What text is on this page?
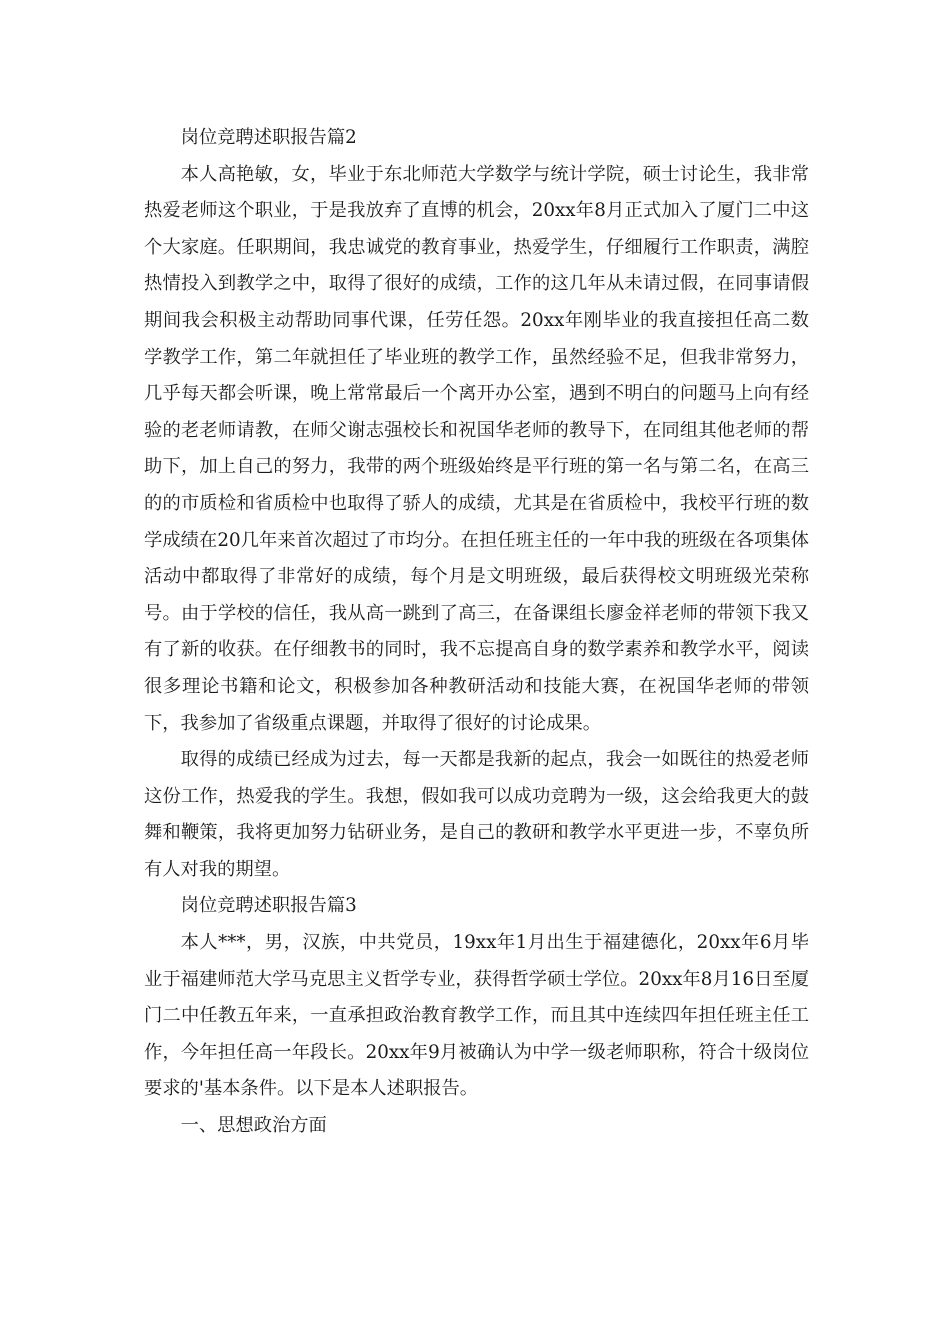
岗位竞聘述职报告篇2

本人高艳敏，女，毕业于东北师范大学数学与统计学院，硕士讨论生，我非常热爱老师这个职业，于是我放弃了直博的机会，20xx年8月正式加入了厦门二中这个大家庭。任职期间，我忠诚党的教育事业，热爱学生，仔细履行工作职责，满腔热情投入到教学之中，取得了很好的成绩，工作的这几年从未请过假，在同事请假期间我会积极主动帮助同事代课，任劳任怨。20xx年刚毕业的我直接担任高二数学教学工作，第二年就担任了毕业班的教学工作，虽然经验不足，但我非常努力，几乎每天都会听课，晚上常常最后一个离开办公室，遇到不明白的问题马上向有经验的老老师请教，在师父谢志强校长和祝国华老师的教导下，在同组其他老师的帮助下，加上自己的努力，我带的两个班级始终是平行班的第一名与第二名，在高三的的市质检和省质检中也取得了骄人的成绩，尤其是在省质检中，我校平行班的数学成绩在20几年来首次超过了市均分。在担任班主任的一年中我的班级在各项集体活动中都取得了非常好的成绩，每个月是文明班级，最后获得校文明班级光荣称号。由于学校的信任，我从高一跳到了高三，在备课组长廖金祥老师的带领下我又有了新的收获。在仔细教书的同时，我不忘提高自身的数学素养和教学水平，阅读很多理论书籍和论文，积极参加各种教研活动和技能大赛，在祝国华老师的带领下，我参加了省级重点课题，并取得了很好的讨论成果。

取得的成绩已经成为过去，每一天都是我新的起点，我会一如既往的热爱老师这份工作，热爱我的学生。我想，假如我可以成功竞聘为一级，这会给我更大的鼓舞和鞭策，我将更加努力钻研业务，是自己的教研和教学水平更进一步，不辜负所有人对我的期望。

岗位竞聘述职报告篇3

本人***，男，汉族，中共党员，19xx年1月出生于福建德化，20xx年6月毕业于福建师范大学马克思主义哲学专业，获得哲学硕士学位。20xx年8月16日至厦门二中任教五年来，一直承担政治教育教学工作，而且其中连续四年担任班主任工作，今年担任高一年段长。20xx年9月被确认为中学一级老师职称，符合十级岗位要求的'基本条件。以下是本人述职报告。

一、思想政治方面
